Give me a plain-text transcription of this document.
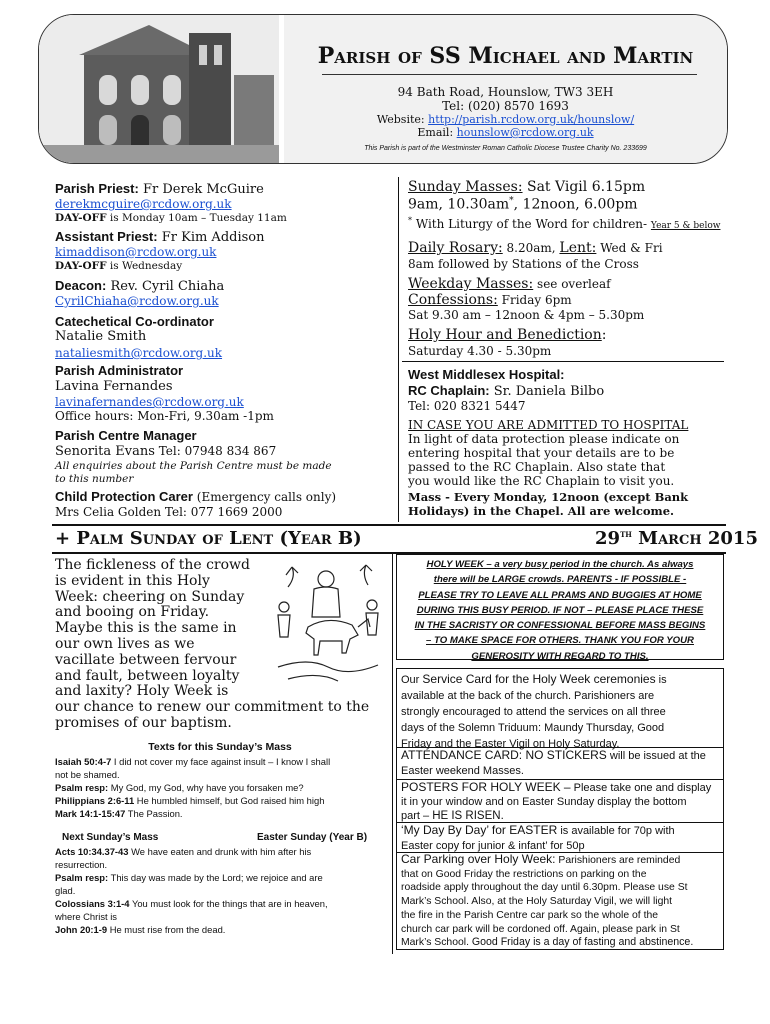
Parish of SS Michael and Martin
94 Bath Road, Hounslow, TW3 3EH
Tel: (020) 8570 1693
Website: http://parish.rcdow.org.uk/hounslow/
Email: hounslow@rcdow.org.uk
This Parish is part of the Westminster Roman Catholic Diocese Trustee Charity No. 233699
Parish Priest: Fr Derek McGuire
derekmcguire@rcdow.org.uk
DAY-OFF is Monday 10am – Tuesday 11am
Assistant Priest: Fr Kim Addison
kimaddison@rcdow.org.uk
DAY-OFF is Wednesday
Deacon: Rev. Cyril Chiaha
CyrilChiaha@rcdow.org.uk
Catechetical Co-ordinator
Natalie Smith
nataliesmith@rcdow.org.uk
Parish Administrator
Lavina Fernandes
lavinafernandes@rcdow.org.uk
Office hours: Mon-Fri, 9.30am -1pm
Parish Centre Manager
Senorita Evans Tel: 07948 834 867
All enquiries about the Parish Centre must be made
to this number
Child Protection Carer (Emergency calls only)
Mrs Celia Golden Tel: 077 1669 2000
Sunday Masses: Sat Vigil 6.15pm
9am, 10.30am*, 12noon, 6.00pm
* With Liturgy of the Word for children- Year 5 & below
Daily Rosary: 8.20am, Lent: Wed & Fri
8am followed by Stations of the Cross
Weekday Masses: see overleaf
Confessions: Friday 6pm
Sat 9.30 am – 12noon & 4pm – 5.30pm
Holy Hour and Benediction:
Saturday 4.30 - 5.30pm
West Middlesex Hospital:
RC Chaplain: Sr. Daniela Bilbo
Tel: 020 8321 5447
IN CASE YOU ARE ADMITTED TO HOSPITAL
In light of data protection please indicate on
entering hospital that your details are to be
passed to the RC Chaplain. Also state that
you would like the RC Chaplain to visit you.
Mass - Every Monday, 12noon (except Bank
Holidays) in the Chapel. All are welcome.
+ Palm Sunday of Lent (Year B)	29th March 2015
The fickleness of the crowd
is evident in this Holy
Week: cheering on Sunday
and booing on Friday.
Maybe this is the same in
our own lives as we
vacillate between fervour
and fault, between loyalty
and laxity? Holy Week is
our chance to renew our commitment to the
promises of our baptism.
Texts for this Sunday’s Mass
Isaiah 50:4-7 I did not cover my face against insult – I know I shall
not be shamed.
Psalm resp: My God, my God, why have you forsaken me?
Philippians 2:6-11 He humbled himself, but God raised him high
Mark 14:1-15:47 The Passion.
Next Sunday’s Mass	Easter Sunday (Year B)
Acts 10:34.37-43 We have eaten and drunk with him after his
resurrection.
Psalm resp: This day was made by the Lord; we rejoice and are
glad.
Colossians 3:1-4 You must look for the things that are in heaven,
where Christ is
John 20:1-9 He must rise from the dead.
HOLY WEEK – a very busy period in the church. As always
there will be LARGE crowds. PARENTS - IF POSSIBLE -
PLEASE TRY TO LEAVE ALL PRAMS AND BUGGIES AT HOME
DURING THIS BUSY PERIOD. IF NOT – PLEASE PLACE THESE
IN THE SACRISTY OR CONFESSIONAL BEFORE MASS BEGINS
– TO MAKE SPACE FOR OTHERS. THANK YOU FOR YOUR
GENEROSITY WITH REGARD TO THIS.
Our Service Card for the Holy Week ceremonies is
available at the back of the church. Parishioners are
strongly encouraged to attend the services on all three
days of the Solemn Triduum: Maundy Thursday, Good
Friday and the Easter Vigil on Holy Saturday.
ATTENDANCE CARD: NO STICKERS will be issued at the
Easter weekend Masses.
POSTERS FOR HOLY WEEK – Please take one and display
it in your window and on Easter Sunday display the bottom
part – HE IS RISEN.
‘My Day By Day’ for EASTER is available for 70p with
Easter copy for junior & infant’ for 50p
Car Parking over Holy Week: Parishioners are reminded
that on Good Friday the restrictions on parking on the
roadside apply throughout the day until 6.30pm. Please use St
Mark’s School. Also, at the Holy Saturday Vigil, we will light
the fire in the Parish Centre car park so the whole of the
church car park will be cordoned off. Again, please park in St
Mark’s School. Good Friday is a day of fasting and abstinence.
